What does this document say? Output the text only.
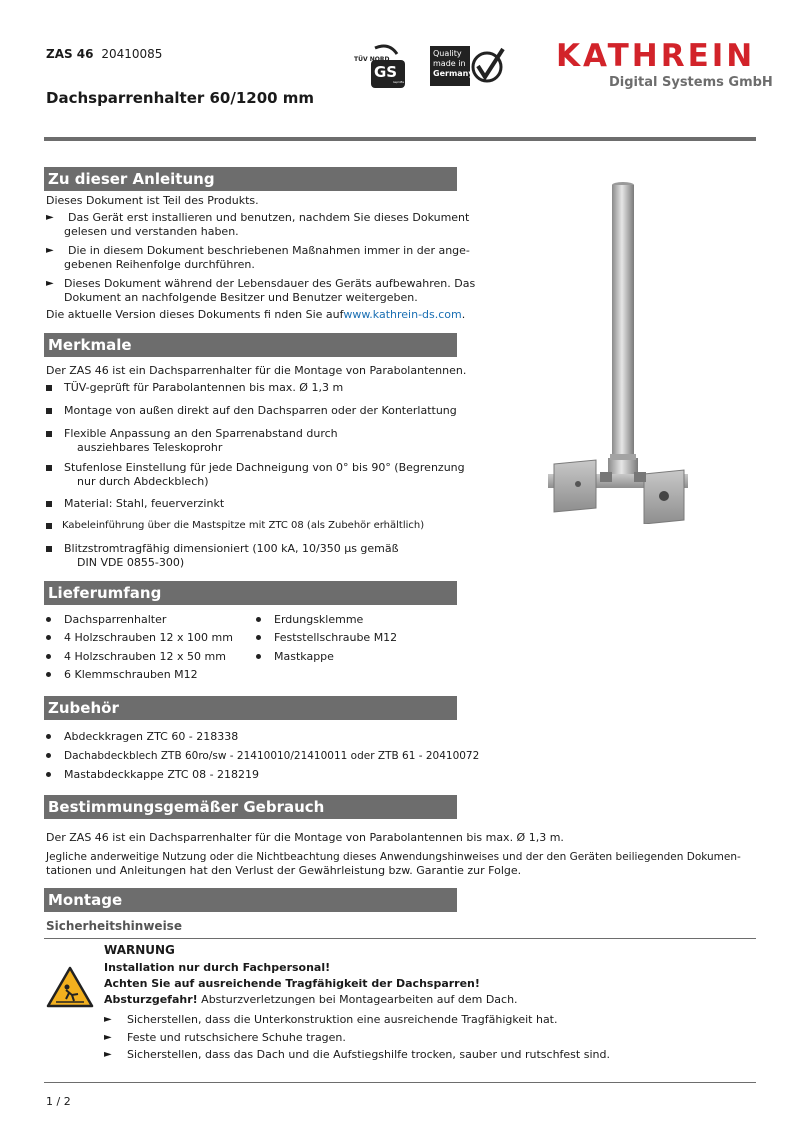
ZAS 46 20410085
Dachsparrenhalter 60/1200 mm
TÜV NORD
GS
Geprüfte Sicherheit
Quality
made in
Germany	KATHREIN
Digital Systems GmbH
Zu dieser Anleitung
Dieses Dokument ist Teil des Produkts.
► Das Gerät erst installieren und benutzen, nachdem Sie dieses Dokument
gelesen und verstanden haben.
► Die in diesem Dokument beschriebenen Maßnahmen immer in der ange-
gebenen Reihenfolge durchführen.
► Dieses Dokument während der Lebensdauer des Geräts aufbewahren. Das
Dokument an nachfolgende Besitzer und Benutzer weitergeben.
Die aktuelle Version dieses Dokuments fi nden Sie aufwww.kathrein-ds.com.
Merkmale
Der ZAS 46 ist ein Dachsparrenhalter für die Montage von Parabolantennen.
TÜV-geprüft für Parabolantennen bis max. Ø 1,3 m
Montage von außen direkt auf den Dachsparren oder der Konterlattung
Flexible Anpassung an den Sparrenabstand durch
ausziehbares Teleskoprohr
Stufenlose Einstellung für jede Dachneigung von 0° bis 90° (Begrenzung
nur durch Abdeckblech)
Material: Stahl, feuerverzinkt
Kabeleinführung über die Mastspitze mit ZTC 08 (als Zubehör erhältlich)
Blitzstromtragfähig dimensioniert (100 kA, 10/350 µs gemäß
DIN VDE 0855-300)
Lieferumfang
Dachsparrenhalter
4 Holzschrauben 12 x 100 mm
4 Holzschrauben 12 x 50 mm
6 Klemmschrauben M12
Erdungsklemme
Feststellschraube M12
Mastkappe
Zubehör
Abdeckkragen ZTC 60 - 218338
Dachabdeckblech ZTB 60ro/sw - 21410010/21410011 oder ZTB 61 - 20410072
Mastabdeckkappe ZTC 08 - 218219
Bestimmungsgemäßer Gebrauch
Der ZAS 46 ist ein Dachsparrenhalter für die Montage von Parabolantennen bis max. Ø 1,3 m.
Jegliche anderweitige Nutzung oder die Nichtbeachtung dieses Anwendungshinweises und der den Geräten beiliegenden Dokumen-
tationen und Anleitungen hat den Verlust der Gewährleistung bzw. Garantie zur Folge.
Montage
Sicherheitshinweise
WARNUNG
Installation nur durch Fachpersonal!
Achten Sie auf ausreichende Tragfähigkeit der Dachsparren!
Absturzgefahr! Absturzverletzungen bei Montagearbeiten auf dem Dach.
► Sicherstellen, dass die Unterkonstruktion eine ausreichende Tragfähigkeit hat.
► Feste und rutschsichere Schuhe tragen.
► Sicherstellen, dass das Dach und die Aufstiegshilfe trocken, sauber und rutschfest sind.
1 / 2
